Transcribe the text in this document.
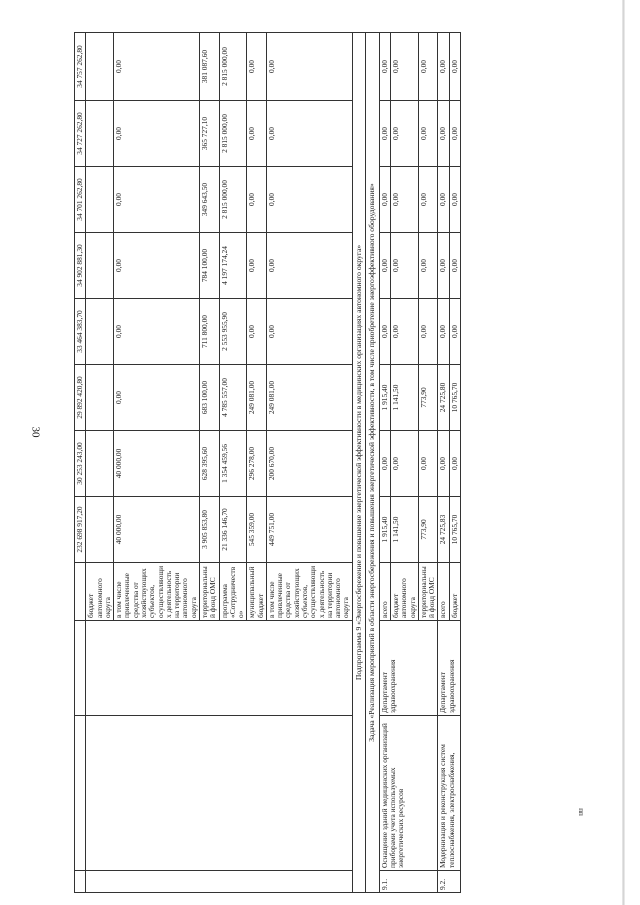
30
пп
				232 698 917,20	30 253 243,00	29 892 420,80	33 464 383,70	34 902 881,30	34 701 262,80	34 727 262,80	34 757 262,80
			бюджет автономного округа								
			в том числе привлеченные средства от хозяйствующих субъектов, осуществляющих деятельность на территории автономного округа	40 000,00	40 000,00	0,00	0,00	0,00	0,00	0,00	0,00
			территориальный фонд ОМС	3 905 853,80	628 395,60	683 100,00	711 800,00	784 100,00	349 643,50	365 727,10	381 087,60
			программа «Сотрудничество»	21 336 146,70	1 354 459,56	4 785 557,00	2 553 955,90	4 197 174,24	2 815 000,00	2 815 000,00	2 815 000,00
			муниципальный бюджет	545 359,00	296 278,00	249 081,00	0,00	0,00	0,00	0,00	0,00
			в том числе привлеченные средства от хозяйствующих субъектов, осуществляющих деятельность на территории автономного округа	449 751,00	200 670,00	249 081,00	0,00	0,00	0,00	0,00	0,00
Подпрограмма 9 «Энергосбережение и повышение энергетической эффективности в медицинских организациях автономного округа»											
Задача «Реализация мероприятий в области энергосбережения и повышения энергетической эффективности, в том числе приобретение энергоэффективного оборудования»											
9.1.	Оснащение зданий медицинских организаций приборами учета используемых энергетических ресурсов	Департамент здравоохранения	всего	1 915,40	0,00	1 915,40	0,00	0,00	0,00	0,00	0,00
			бюджет автономного округа	1 141,50	0,00	1 141,50	0,00	0,00	0,00	0,00	0,00
			территориальный фонд ОМС	773,90	0,00	773,90	0,00	0,00	0,00	0,00	0,00
9.2.	Модернизация и реконструкция систем теплоснабжения, электроснабжения,	Департамент здравоохранения	всего	24 725,83	0,00	24 725,80	0,00	0,00	0,00	0,00	0,00
			бюджет	10 765,70	0,00	10 765,70	0,00	0,00	0,00	0,00	0,00
